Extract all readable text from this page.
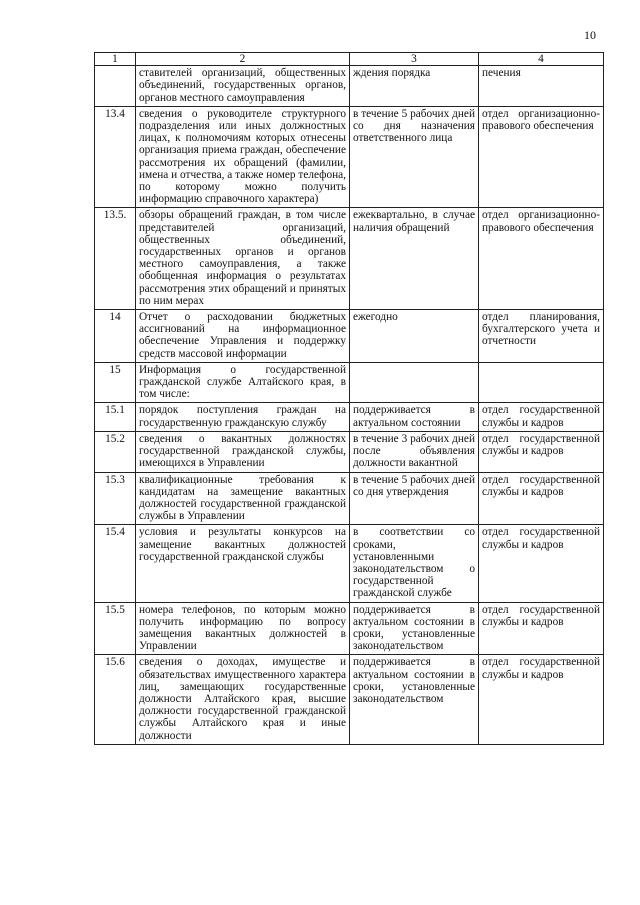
10
1	2	3	4
	ставителей организаций, общественных объединений, государственных органов, органов местного самоуправления	ждения порядка	печения
13.4	сведения о руководителе структурного подразделения или иных должностных лицах, к полномочиям которых отнесены организация приема граждан, обеспечение рассмотрения их обращений (фамилии, имена и отчества, а также номер телефона, по которому можно получить информацию справочного характера)	в течение 5 рабочих дней со дня назначения ответственного лица	отдел организационно-правового обеспечения
13.5.	обзоры обращений граждан, в том числе представителей организаций, общественных объединений, государственных органов и органов местного самоуправления, а также обобщенная информация о результатах рассмотрения этих обращений и принятых по ним мерах	ежеквартально, в случае наличия обращений	отдел организационно-правового обеспечения
14	Отчет о расходовании бюджетных ассигнований на информационное обеспечение Управления и поддержку средств массовой информации	ежегодно	отдел планирования, бухгалтерского учета и отчетности
15	Информация о государственной гражданской службе Алтайского края, в том числе:		
15.1	порядок поступления граждан на государственную гражданскую службу	поддерживается в актуальном состоянии	отдел государственной службы и кадров
15.2	сведения о вакантных должностях государственной гражданской службы, имеющихся в Управлении	в течение 3 рабочих дней после объявления должности вакантной	отдел государственной службы и кадров
15.3	квалификационные требования к кандидатам на замещение вакантных должностей государственной гражданской службы в Управлении	в течение 5 рабочих дней со дня утверждения	отдел государственной службы и кадров
15.4	условия и результаты конкурсов на замещение вакантных должностей государственной гражданской службы	в соответствии со сроками, установленными законодательством о государственной гражданской службе	отдел государственной службы и кадров
15.5	номера телефонов, по которым можно получить информацию по вопросу замещения вакантных должностей в Управлении	поддерживается в актуальном состоянии в сроки, установленные законодательством	отдел государственной службы и кадров
15.6	сведения о доходах, имуществе и обязательствах имущественного характера лиц, замещающих государственные должности Алтайского края, высшие должности государственной гражданской службы Алтайского края и иные должности	поддерживается в актуальном состоянии в сроки, установленные законодательством	отдел государственной службы и кадров
